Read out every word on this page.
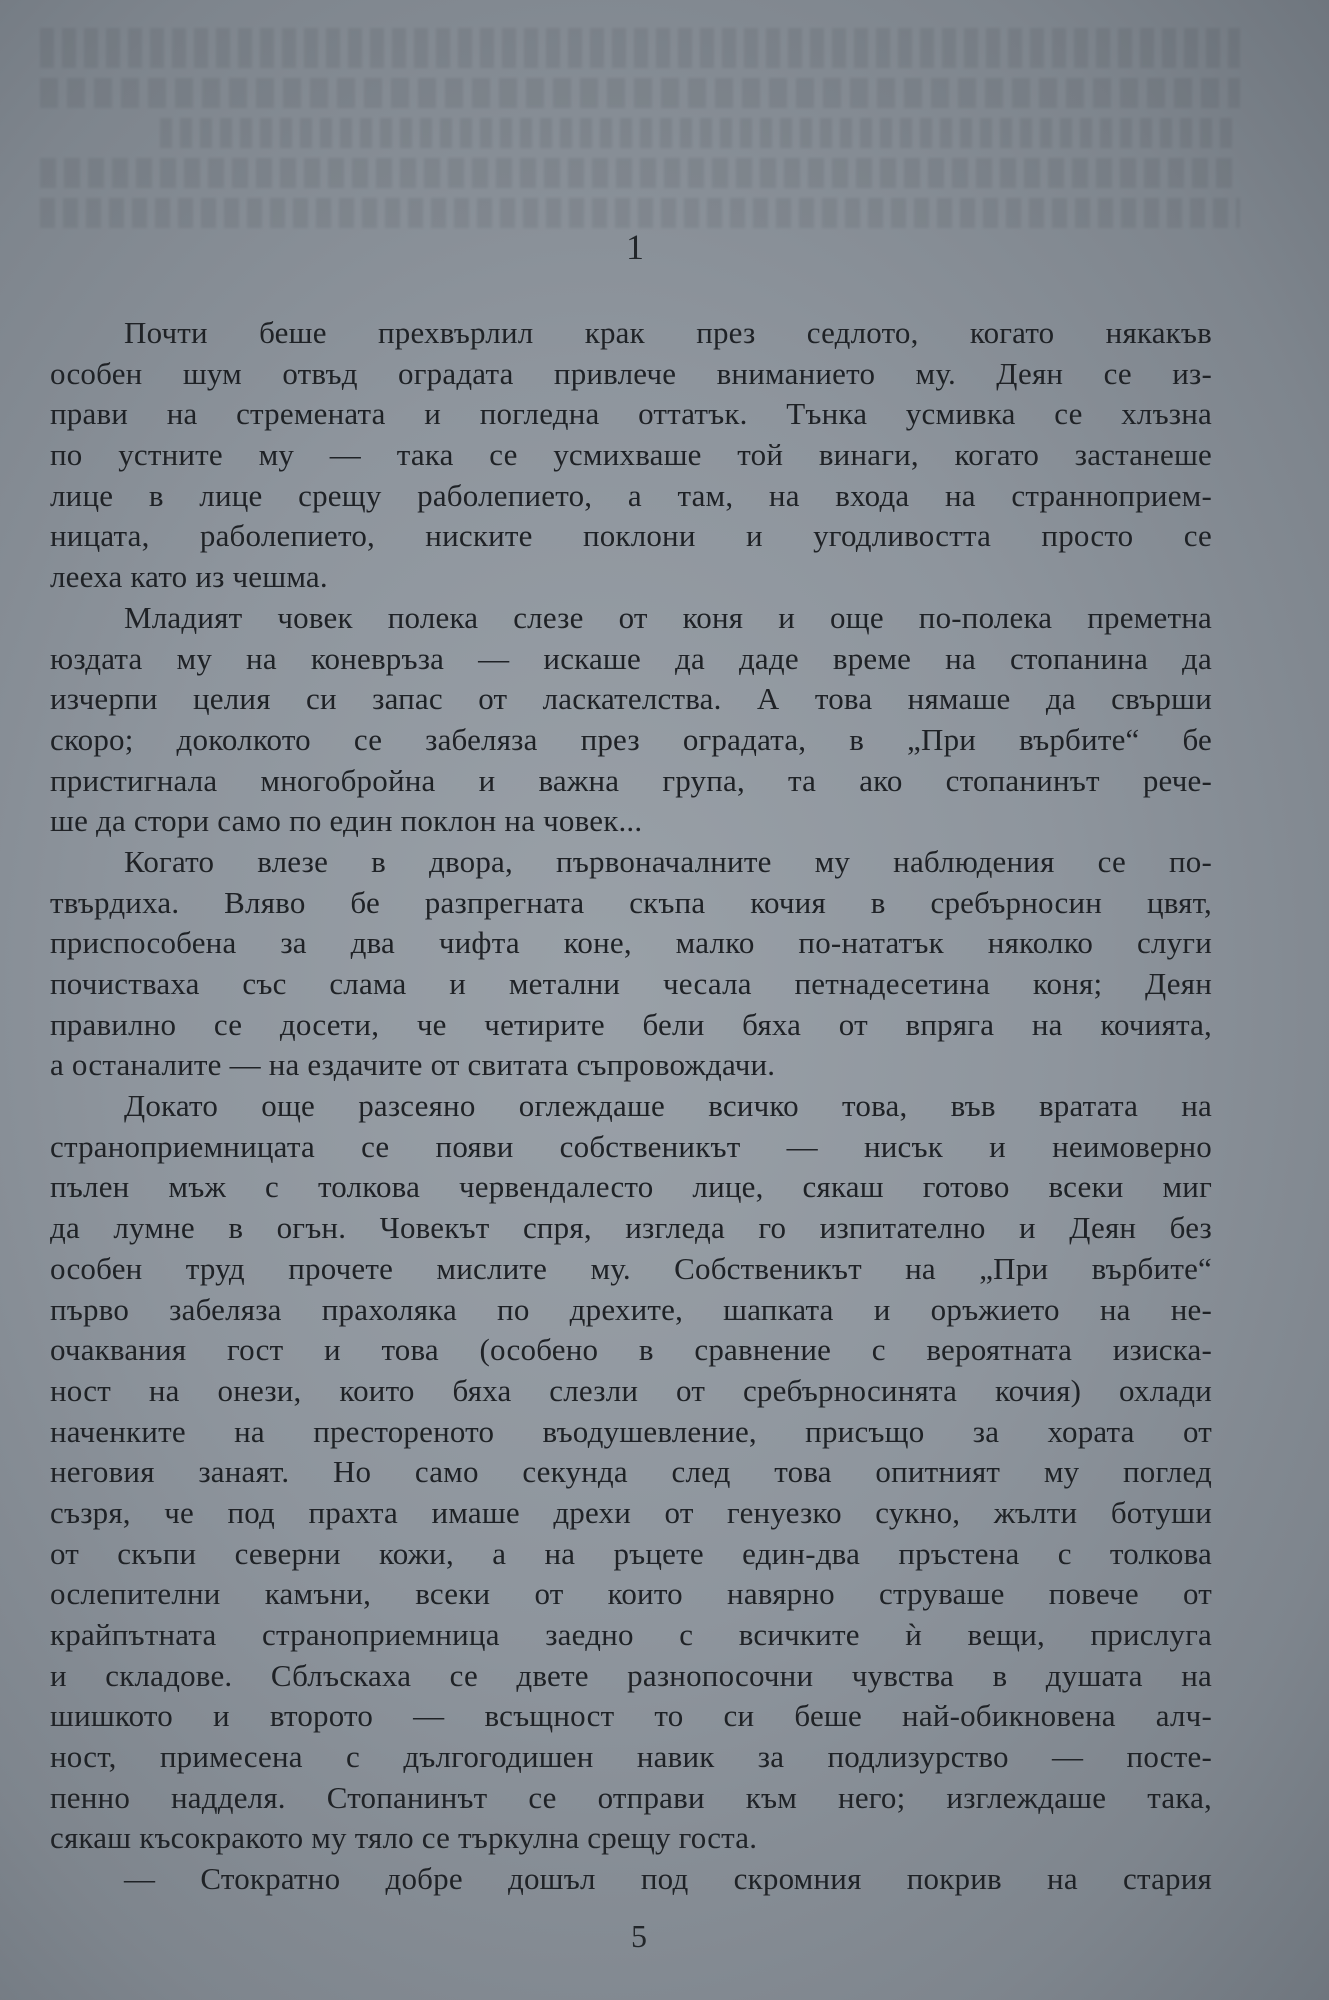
1
Почти беше прехвърлил крак през седлото, когато някакъв
особен шум отвъд оградата привлече вниманието му. Деян се из-
прави на стремената и погледна оттатък. Тънка усмивка се хлъзна
по устните му — така се усмихваше той винаги, когато застанеше
лице в лице срещу раболепието, а там, на входа на странноприем-
ницата, раболепието, ниските поклони и угодливостта просто се
лееха като из чешма.
Младият човек полека слезе от коня и още по-полека преметна
юздата му на коневръза — искаше да даде време на стопанина да
изчерпи целия си запас от ласкателства. А това нямаше да свърши
скоро; доколкото се забеляза през оградата, в „При върбите“ бе
пристигнала многобройна и важна група, та ако стопанинът рече-
ше да стори само по един поклон на човек...
Когато влезе в двора, първоначалните му наблюдения се по-
твърдиха. Вляво бе разпрегната скъпа кочия в сребърносин цвят,
приспособена за два чифта коне, малко по-нататък няколко слуги
почистваха със слама и метални чесала петнадесетина коня; Деян
правилно се досети, че четирите бели бяха от впряга на кочията,
а останалите — на ездачите от свитата съпровождачи.
Докато още разсеяно оглеждаше всичко това, във вратата на
страноприемницата се появи собственикът — нисък и неимоверно
пълен мъж с толкова червендалесто лице, сякаш готово всеки миг
да лумне в огън. Човекът спря, изгледа го изпитателно и Деян без
особен труд прочете мислите му. Собственикът на „При върбите“
първо забеляза прахоляка по дрехите, шапката и оръжието на не-
очаквания гост и това (особено в сравнение с вероятната изиска-
ност на онези, които бяха слезли от сребърносинята кочия) охлади
наченките на престореното въодушевление, присъщо за хората от
неговия занаят. Но само секунда след това опитният му поглед
съзря, че под прахта имаше дрехи от генуезко сукно, жълти ботуши
от скъпи северни кожи, а на ръцете един-два пръстена с толкова
ослепителни камъни, всеки от които навярно струваше повече от
крайпътната страноприемница заедно с всичките ѝ вещи, прислуга
и складове. Сблъскаха се двете разнопосочни чувства в душата на
шишкото и второто — всъщност то си беше най-обикновена алч-
ност, примесена с дългогодишен навик за подлизурство — посте-
пенно надделя. Стопанинът се отправи към него; изглеждаше така,
сякаш късокракото му тяло се търкулна срещу госта.
— Стократно добре дошъл под скромния покрив на стария
5
